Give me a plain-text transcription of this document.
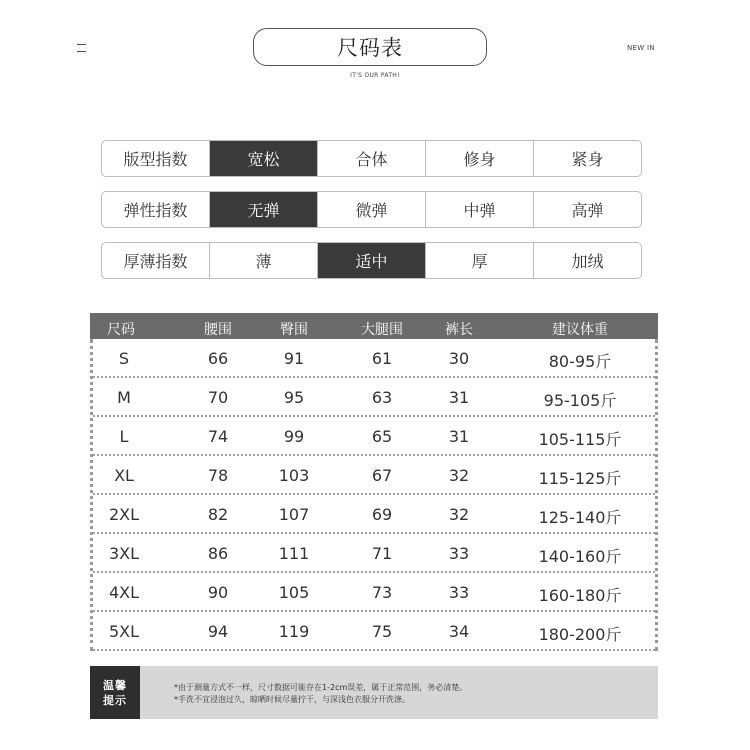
尺码表
IT'S OUR PATH!
NEW IN
版型指数	宽松	合体	修身	紧身
弹性指数	无弹	微弹	中弹	高弹
厚薄指数	薄	适中	厚	加绒
尺码	腰围	臀围	大腿围	裤长	建议体重
S	66	91	61	30	80-95斤
M	70	95	63	31	95-105斤
L	74	99	65	31	105-115斤
XL	78	103	67	32	115-125斤
2XL	82	107	69	32	125-140斤
3XL	86	111	71	33	140-160斤
4XL	90	105	73	33	160-180斤
5XL	94	119	75	34	180-200斤
温馨
提示
*由于测量方式不一样，尺寸数据可能存在1-2cm误差，属于正常范围，务必清楚。
*手洗不宜浸泡过久，晾晒时候尽量拧干，与深浅色衣服分开洗涤。
